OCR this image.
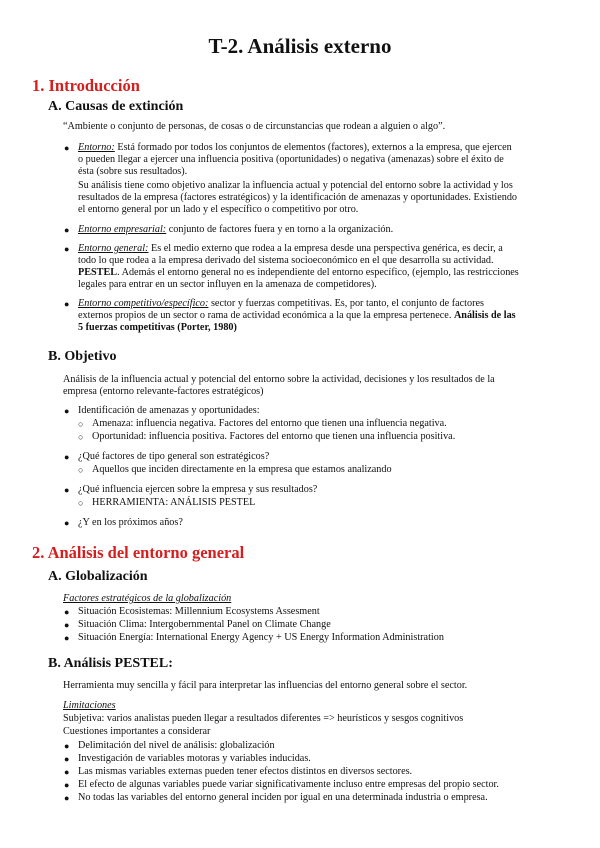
T-2. Análisis externo
1. Introducción
A. Causas de extinción
“Ambiente o conjunto de personas, de cosas o de circunstancias que rodean a alguien o algo”.
● Entorno: Está formado por todos los conjuntos de elementos (factores), externos a la empresa, que ejercen
o pueden llegar a ejercer una influencia positiva (oportunidades) o negativa (amenazas) sobre el éxito de
ésta (sobre sus resultados).
Su análisis tiene como objetivo analizar la influencia actual y potencial del entorno sobre la actividad y los
resultados de la empresa (factores estratégicos) y la identificación de amenazas y oportunidades. Existiendo
el entorno general por un lado y el específico o competitivo por otro.
● Entorno empresarial: conjunto de factores fuera y en torno a la organización.
● Entorno general: Es el medio externo que rodea a la empresa desde una perspectiva genérica, es decir, a
todo lo que rodea a la empresa derivado del sistema socioeconómico en el que desarrolla su actividad.
PESTEL. Además el entorno general no es independiente del entorno específico, (ejemplo, las restricciones
legales para entrar en un sector influyen en la amenaza de competidores).
● Entorno competitivo/específico: sector y fuerzas competitivas. Es, por tanto, el conjunto de factores
externos propios de un sector o rama de actividad económica a la que la empresa pertenece. Análisis de las
5 fuerzas competitivas (Porter, 1980)
B. Objetivo
Análisis de la influencia actual y potencial del entorno sobre la actividad, decisiones y los resultados de la
empresa (entorno relevante-factores estratégicos)
● Identificación de amenazas y oportunidades:
○ Amenaza: influencia negativa. Factores del entorno que tienen una influencia negativa.
○ Oportunidad: influencia positiva. Factores del entorno que tienen una influencia positiva.
● ¿Qué factores de tipo general son estratégicos?
○ Aquellos que inciden directamente en la empresa que estamos analizando
● ¿Qué influencia ejercen sobre la empresa y sus resultados?
○ HERRAMIENTA: ANÁLISIS PESTEL
● ¿Y en los próximos años?
2. Análisis del entorno general
A. Globalización
Factores estratégicos de la globalización
● Situación Ecosistemas: Millennium Ecosystems Assesment
● Situación Clima: Intergobernmental Panel on Climate Change
● Situación Energía: International Energy Agency + US Energy Information Administration
B. Análisis PESTEL:
Herramienta muy sencilla y fácil para interpretar las influencias del entorno general sobre el sector.
Limitaciones
Subjetiva: varios analistas pueden llegar a resultados diferentes => heurísticos y sesgos cognitivos
Cuestiones importantes a considerar
● Delimitación del nivel de análisis: globalización
● Investigación de variables motoras y variables inducidas.
● Las mismas variables externas pueden tener efectos distintos en diversos sectores.
● El efecto de algunas variables puede variar significativamente incluso entre empresas del propio sector.
● No todas las variables del entorno general inciden por igual en una determinada industria o empresa.
